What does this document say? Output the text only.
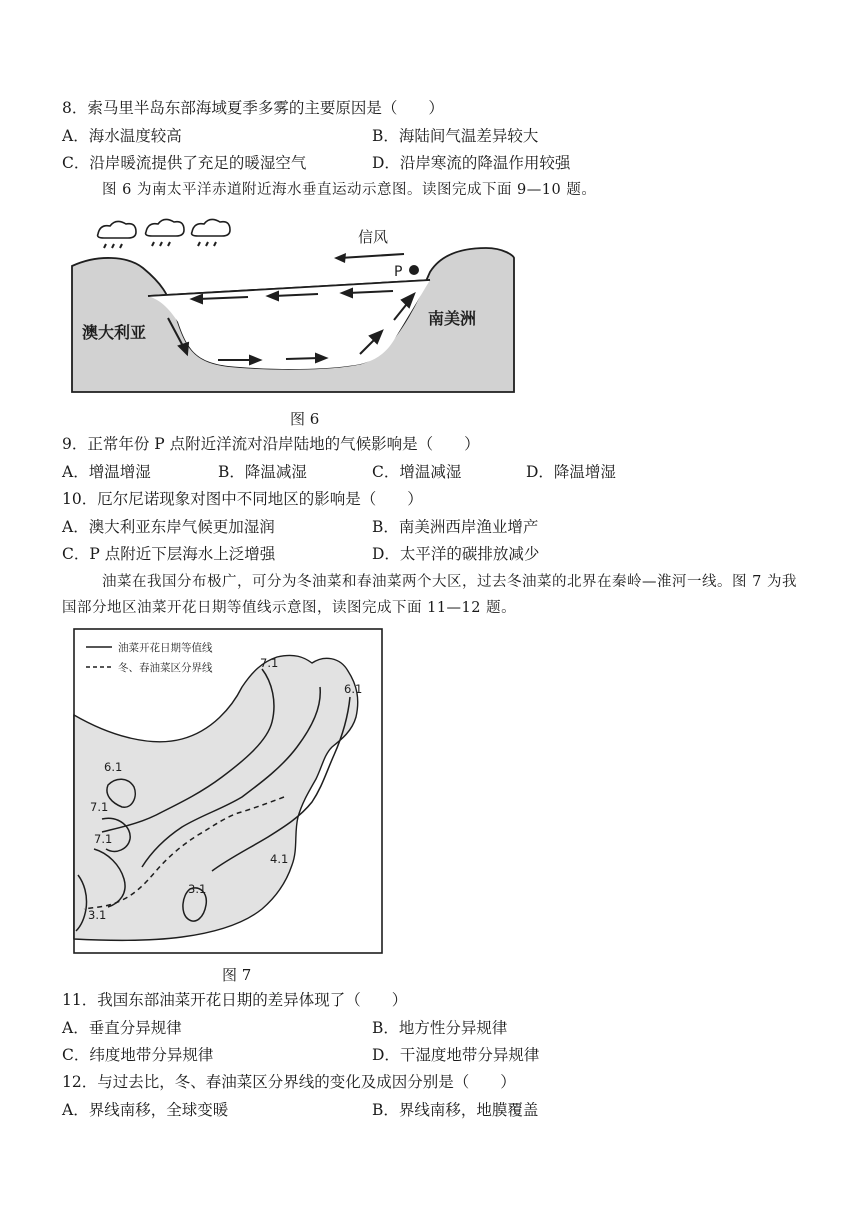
8．索马里半岛东部海域夏季多雾的主要原因是（　　）
A．海水温度较高	B．海陆间气温差异较大
C．沿岸暖流提供了充足的暖湿空气	D．沿岸寒流的降温作用较强
图 6 为南太平洋赤道附近海水垂直运动示意图。读图完成下面 9—10 题。
信风
P
澳大利亚
南美洲
图 6
9．正常年份 P 点附近洋流对沿岸陆地的气候影响是（　　）
A．增温增湿	B．降温减湿	C．增温减湿	D．降温增湿
10．厄尔尼诺现象对图中不同地区的影响是（　　）
A．澳大利亚东岸气候更加湿润	B．南美洲西岸渔业增产
C．P 点附近下层海水上泛增强	D．太平洋的碳排放减少
油菜在我国分布极广，可分为冬油菜和春油菜两个大区，过去冬油菜的北界在秦岭—淮河一线。图 7 为我
国部分地区油菜开花日期等值线示意图，读图完成下面 11—12 题。
油菜开花日期等值线
冬、春油菜区分界线	7.1
6.1
6.1
7.1
7.1
4.1
3.1
3.1
图 7
11．我国东部油菜开花日期的差异体现了（　　）
A．垂直分异规律	B．地方性分异规律
C．纬度地带分异规律	D．干湿度地带分异规律
12．与过去比，冬、春油菜区分界线的变化及成因分别是（　　）
A．界线南移，全球变暖	B．界线南移，地膜覆盖
